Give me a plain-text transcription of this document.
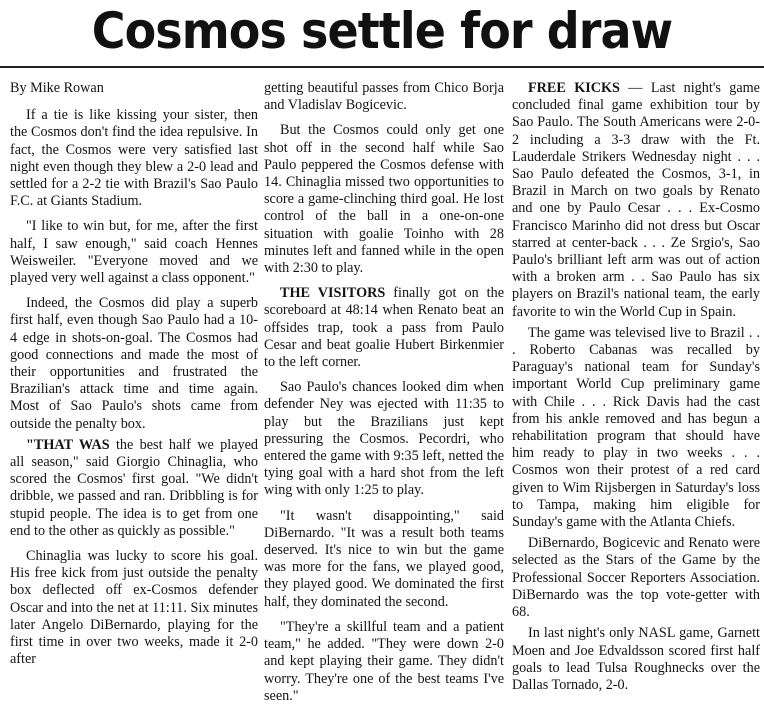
Cosmos settle for draw

By Mike Rowan

If a tie is like kissing your sister, then the Cosmos don't find the idea repulsive. In fact, the Cosmos were very satisfied last night even though they blew a 2-0 lead and settled for a 2-2 tie with Brazil's Sao Paulo F.C. at Giants Stadium.

"I like to win but, for me, after the first half, I saw enough," said coach Hennes Weisweiler. "Everyone moved and we played very well against a class opponent."

Indeed, the Cosmos did play a superb first half, even though Sao Paulo had a 10-4 edge in shots-on-goal. The Cosmos had good connections and made the most of their opportunities and frustrated the Brazilian's attack time and time again. Most of Sao Paulo's shots came from outside the penalty box.

"THAT WAS the best half we played all season," said Giorgio Chinaglia, who scored the Cosmos' first goal. "We didn't dribble, we passed and ran. Dribbling is for stupid people. The idea is to get from one end to the other as quickly as possible."

Chinaglia was lucky to score his goal. His free kick from just outside the penalty box deflected off ex-Cosmos defender Oscar and into the net at 11:11. Six minutes later Angelo DiBernardo, playing for the first time in over two weeks, made it 2-0 after

getting beautiful passes from Chico Borja and Vladislav Bogicevic.

But the Cosmos could only get one shot off in the second half while Sao Paulo peppered the Cosmos defense with 14. Chinaglia missed two opportunities to score a game-clinching third goal. He lost control of the ball in a one-on-one situation with goalie Toinho with 28 minutes left and fanned while in the open with 2:30 to play.

THE VISITORS finally got on the scoreboard at 48:14 when Renato beat an offsides trap, took a pass from Paulo Cesar and beat goalie Hubert Birkenmier to the left corner.

Sao Paulo's chances looked dim when defender Ney was ejected with 11:35 to play but the Brazilians just kept pressuring the Cosmos. Pecordri, who entered the game with 9:35 left, netted the tying goal with a hard shot from the left wing with only 1:25 to play.

"It wasn't disappointing," said DiBernardo. "It was a result both teams deserved. It's nice to win but the game was more for the fans, we played good, they played good. We dominated the first half, they dominated the second.

"They're a skillful team and a patient team," he added. "They were down 2-0 and kept playing their game. They didn't worry. They're one of the best teams I've seen."

FREE KICKS — Last night's game concluded final game exhibition tour by Sao Paulo. The South Americans were 2-0-2 including a 3-3 draw with the Ft. Lauderdale Strikers Wednesday night . . . Sao Paulo defeated the Cosmos, 3-1, in Brazil in March on two goals by Renato and one by Paulo Cesar . . . Ex-Cosmo Francisco Marinho did not dress but Oscar starred at center-back . . . Ze Srgio's, Sao Paulo's brilliant left arm was out of action with a broken arm . . Sao Paulo has six players on Brazil's national team, the early favorite to win the World Cup in Spain.

The game was televised live to Brazil . . . Roberto Cabanas was recalled by Paraguay's national team for Sunday's important World Cup preliminary game with Chile . . . Rick Davis had the cast from his ankle removed and has begun a rehabilitation program that should have him ready to play in two weeks . . . Cosmos won their protest of a red card given to Wim Rijsbergen in Saturday's loss to Tampa, making him eligible for Sunday's game with the Atlanta Chiefs.

DiBernardo, Bogicevic and Renato were selected as the Stars of the Game by the Professional Soccer Reporters Association. DiBernardo was the top vote-getter with 68.

In last night's only NASL game, Garnett Moen and Joe Edvaldsson scored first half goals to lead Tulsa Roughnecks over the Dallas Tornado, 2-0.
